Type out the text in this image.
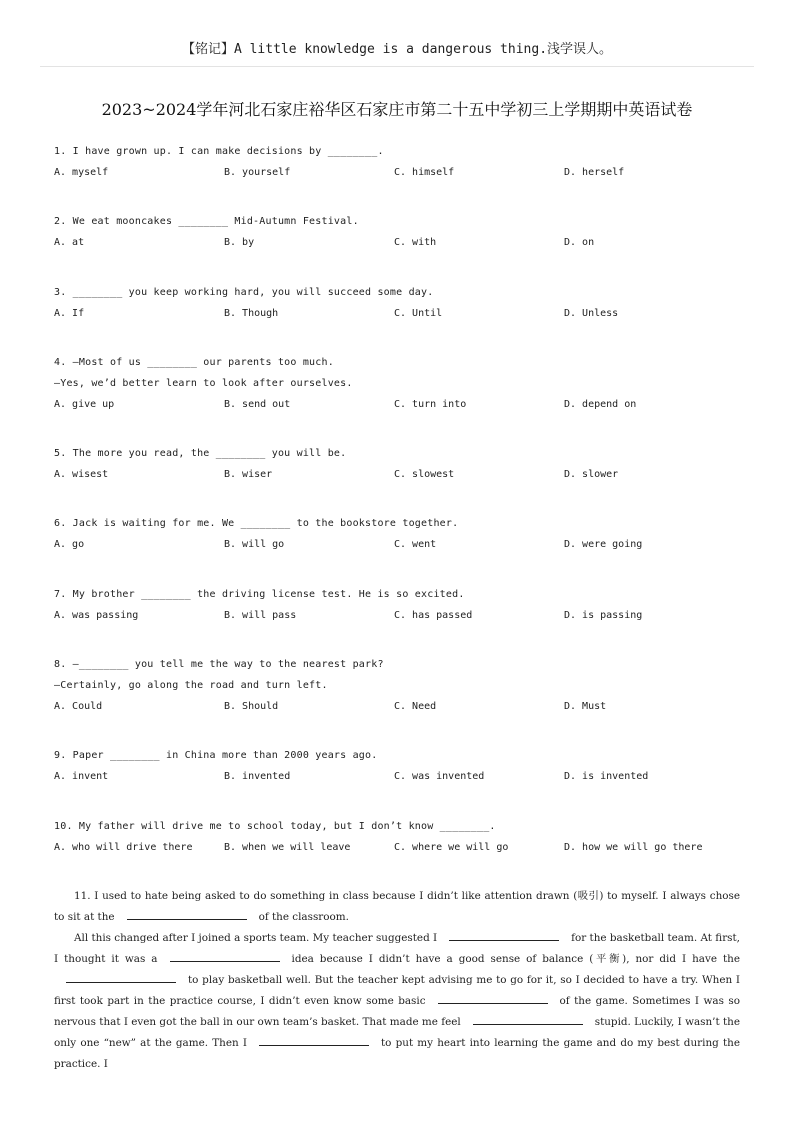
【铭记】A little knowledge is a dangerous thing.浅学误人。
2023~2024学年河北石家庄裕华区石家庄市第二十五中学初三上学期期中英语试卷
1. I have grown up. I can make decisions by ________.
A. myself	B. yourself	C. himself	D. herself
2. We eat mooncakes ________ Mid-Autumn Festival.
A. at	B. by	C. with	D. on
3. ________ you keep working hard, you will succeed some day.
A. If	B. Though	C. Until	D. Unless
4. —Most of us ________ our parents too much.
—Yes, we’d better learn to look after ourselves.
A. give up	B. send out	C. turn into	D. depend on
5. The more you read, the ________ you will be.
A. wisest	B. wiser	C. slowest	D. slower
6. Jack is waiting for me. We ________ to the bookstore together.
A. go	B. will go	C. went	D. were going
7. My brother ________ the driving license test. He is so excited.
A. was passing	B. will pass	C. has passed	D. is passing
8. —________ you tell me the way to the nearest park?
—Certainly, go along the road and turn left.
A. Could	B. Should	C. Need	D. Must
9. Paper ________ in China more than 2000 years ago.
A. invent	B. invented	C. was invented	D. is invented
10. My father will drive me to school today, but I don’t know ________.
A. who will drive there	B. when we will leave	C. where we will go	D. how we will go there

11. I used to hate being asked to do something in class because I didn’t like attention drawn (吸引) to myself. I always chose to sit at the	of the classroom.

All this changed after I joined a sports team. My teacher suggested I	for the basketball team. At first, I thought it was a	idea because I didn’t have a good sense of balance (平衡), nor did I have theto play basketball well. But the teacher kept advising me to go for it, so I decided to have a try. When I first took part in the practice course, I didn’t even know some basic	of the game. Sometimes I was so nervous that I even got the ball in our own team’s basket. That made me feel	stupid. Luckily, I wasn’t the only one “new” at the game. Then I	to put my heart into learning the game and do my best during the practice. I
